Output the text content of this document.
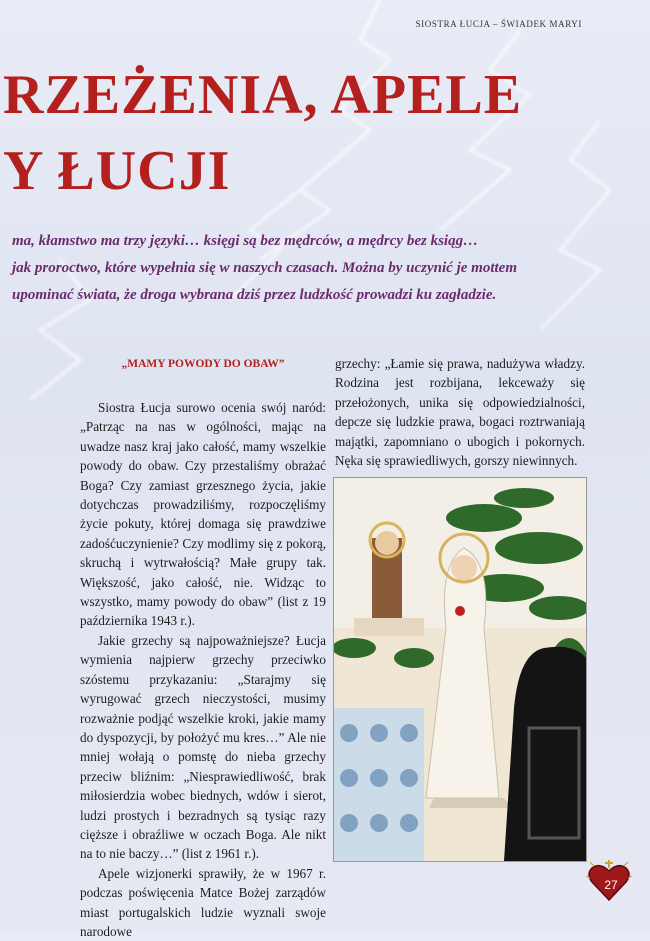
SIOSTRA ŁUCJA – ŚWIADEK MARYI
RZEŻENIA, APELE
Y ŁUCJI
ma, kłamstwo ma trzy języki… księgi są bez mędrców, a mędrcy bez ksiąg…
jak proroctwo, które wypełnia się w naszych czasach. Można by uczynić je mottem
upominać świata, że droga wybrana dziś przez ludzkość prowadzi ku zagładzie.
„MAMY POWODY DO OBAW”

Siostra Łucja surowo ocenia swój naród: „Patrząc na nas w ogólności, mając na uwadze nasz kraj jako całość, mamy wszelkie powody do obaw. Czy przestaliśmy obrażać Boga? Czy zamiast grzesznego życia, jakie dotychczas prowadziliśmy, rozpoczęliśmy życie pokuty, której domaga się prawdziwe zadośćuczynienie? Czy modlimy się z pokorą, skruchą i wytrwałością? Małe grupy tak. Większość, jako całość, nie. Widząc to wszystko, mamy powody do obaw” (list z 19 października 1943 r.).

Jakie grzechy są najpoważniejsze? Łucja wymienia najpierw grzechy przeciwko szóstemu przykazaniu: „Starajmy się wyrugować grzech nieczystości, musimy rozważnie podjąć wszelkie kroki, jakie mamy do dyspozycji, by położyć mu kres…” Ale nie mniej wołają o pomstę do nieba grzechy przeciw bliźnim: „Niesprawiedliwość, brak miłosierdzia wobec biednych, wdów i sierot, ludzi prostych i bezradnych są tysiąc razy cięższe i obraźliwe w oczach Boga. Ale nikt na to nie baczy…” (list z 1961 r.).

Apele wizjonerki sprawiły, że w 1967 r. podczas poświęcenia Matce Bożej zarządów miast portugalskich ludzie wyznali swoje narodowe

grzechy: „Łamie się prawa, nadużywa władzy. Rodzina jest rozbijana, lekceważy się przełożonych, unika się odpowiedzialności, depcze się ludzkie prawa, bogaci roztrwaniają majątki, zapomniano o ubogich i pokornych. Nęka się sprawiedliwych, gorszy niewinnych.

27
